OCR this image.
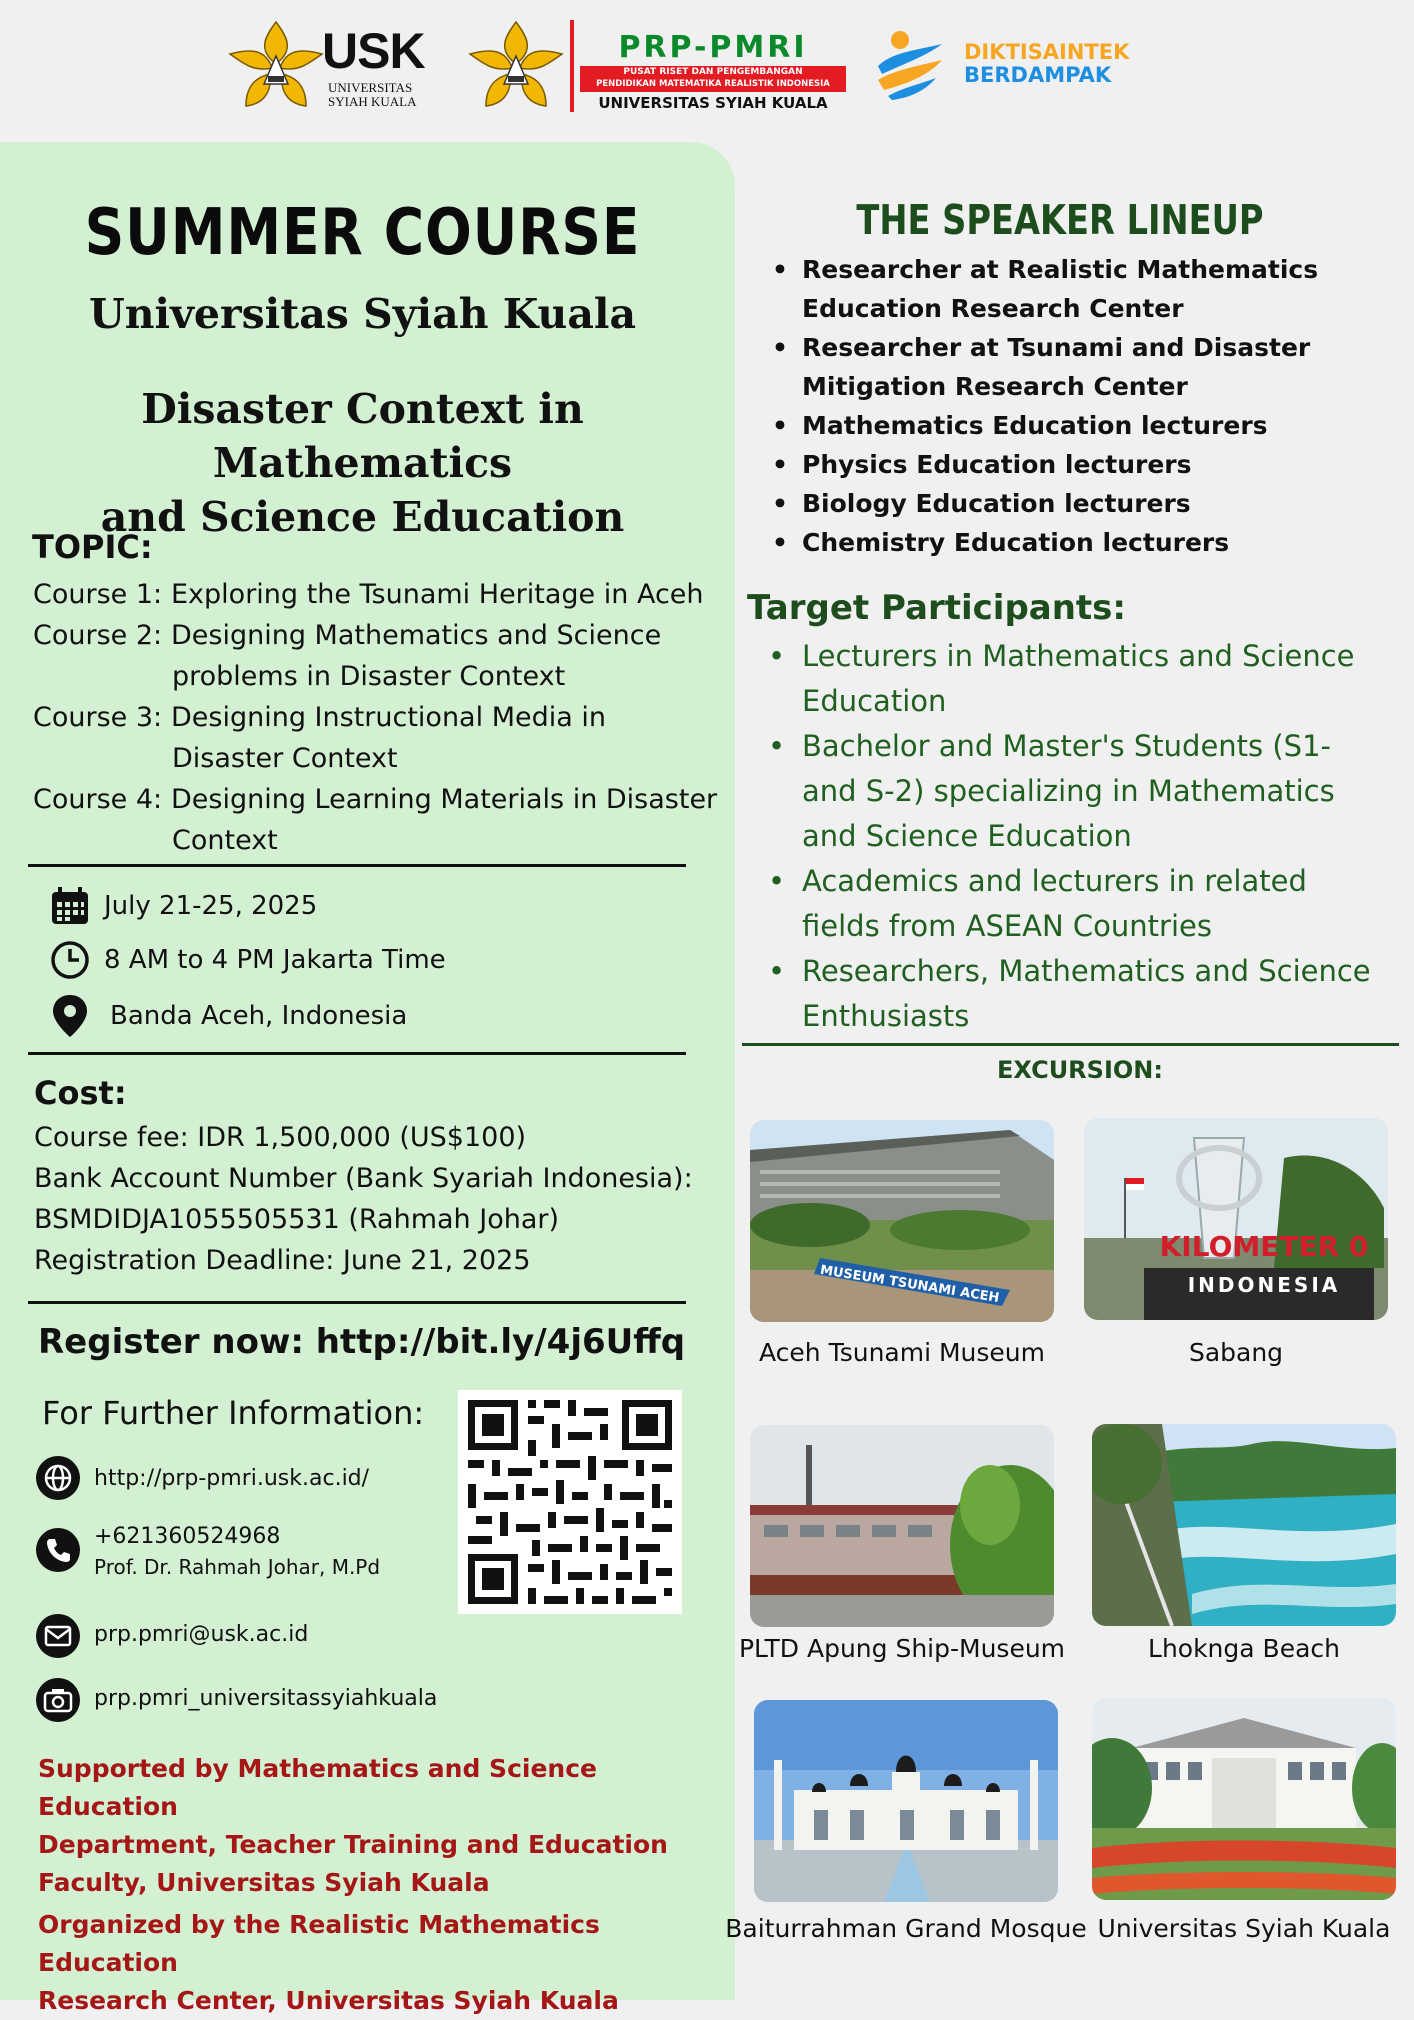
USK
UNIVERSITAS
SYIAH KUALA
PRP-PMRI
PUSAT RISET DAN PENGEMBANGAN
PENDIDIKAN MATEMATIKA REALISTIK INDONESIA
UNIVERSITAS SYIAH KUALA
DIKTISAINTEK
BERDAMPAK
SUMMER COURSE
Universitas Syiah Kuala
Disaster Context in Mathematics
and Science Education
TOPIC:
Course 1: Exploring the Tsunami Heritage in Aceh
Course 2: Designing Mathematics and Science
problems in Disaster Context
Course 3: Designing Instructional Media in
Disaster Context
Course 4: Designing Learning Materials in Disaster
Context
July 21-25, 2025
8 AM to 4 PM Jakarta Time
Banda Aceh, Indonesia
Cost:
Course fee: IDR 1,500,000 (US$100)
Bank Account Number (Bank Syariah Indonesia):
BSMDIDJA1055505531 (Rahmah Johar)
Registration Deadline: June 21, 2025
Register now: http://bit.ly/4j6Uffq
For Further Information:
http://prp-pmri.usk.ac.id/
+621360524968
Prof. Dr. Rahmah Johar, M.Pd
prp.pmri@usk.ac.id
prp.pmri_universitassyiahkuala
Supported by Mathematics and Science Education
Department, Teacher Training and Education
Faculty, Universitas Syiah Kuala
Organized by the Realistic Mathematics Education
Research Center, Universitas Syiah Kuala
THE SPEAKER LINEUP
• Researcher at Realistic Mathematics Education Research Center
• Researcher at Tsunami and Disaster Mitigation Research Center
• Mathematics Education lecturers
• Physics Education lecturers
• Biology Education lecturers
• Chemistry Education lecturers
Target Participants:
• Lecturers in Mathematics and Science Education
• Bachelor and Master's Students (S1- and S-2) specializing in Mathematics and Science Education
• Academics and lecturers in related fields from ASEAN Countries
• Researchers, Mathematics and Science Enthusiasts
EXCURSION:
MUSEUM TSUNAMI ACEH
Aceh Tsunami Museum
KILOMETER 0
INDONESIA
Sabang
PLTD Apung Ship-Museum	Lhoknga Beach
Baiturrahman Grand Mosque Universitas Syiah Kuala
